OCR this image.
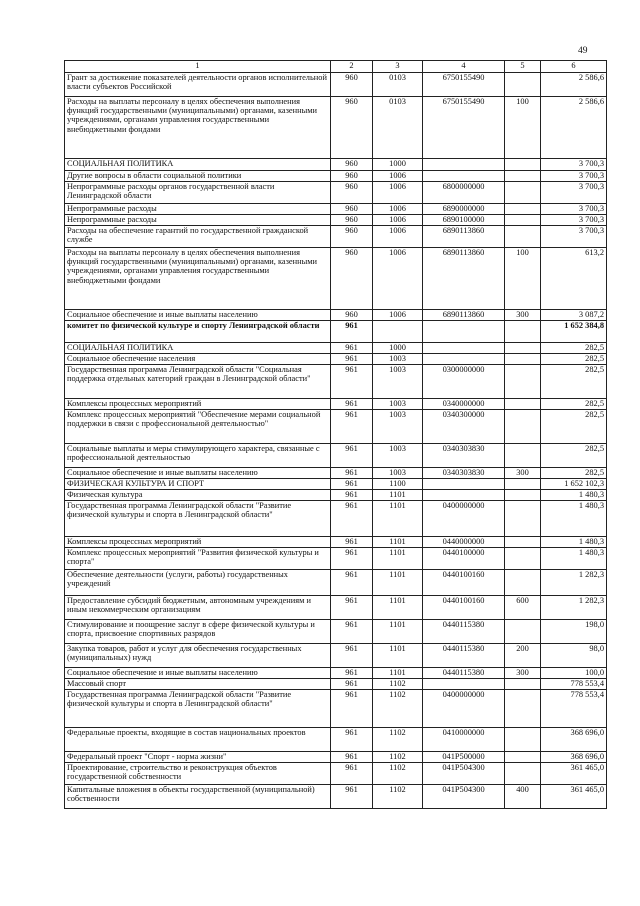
49
1	2	3	4	5	6
Грант за достижение показателей деятельности органов исполнительной власти субъектов Российской	960	0103	6750155490		2 586,6
Расходы на выплаты персоналу в целях обеспечения выполнения функций государственными (муниципальными) органами, казенными учреждениями, органами управления государственными внебюджетными фондами	960	0103	6750155490	100	2 586,6
СОЦИАЛЬНАЯ ПОЛИТИКА	960	1000			3 700,3
Другие вопросы в области социальной политики	960	1006			3 700,3
Непрограммные расходы органов государственной власти Ленинградской области	960	1006	6800000000		3 700,3
Непрограммные расходы	960	1006	6890000000		3 700,3
Непрограммные расходы	960	1006	6890100000		3 700,3
Расходы на обеспечение гарантий по государственной гражданской службе	960	1006	6890113860		3 700,3
Расходы на выплаты персоналу в целях обеспечения выполнения функций государственными (муниципальными) органами, казенными учреждениями, органами управления государственными внебюджетными фондами	960	1006	6890113860	100	613,2
Социальное обеспечение и иные выплаты населению	960	1006	6890113860	300	3 087,2
комитет по физической культуре и спорту Ленинградской области	961				1 652 384,8
СОЦИАЛЬНАЯ ПОЛИТИКА	961	1000			282,5
Социальное обеспечение населения	961	1003			282,5
Государственная программа Ленинградской области "Социальная поддержка отдельных категорий граждан в Ленинградской области"	961	1003	0300000000		282,5
Комплексы процессных мероприятий	961	1003	0340000000		282,5
Комплекс процессных мероприятий "Обеспечение мерами социальной поддержки в связи с профессиональной деятельностью"	961	1003	0340300000		282,5
Социальные выплаты и меры стимулирующего характера, связанные с профессиональной деятельностью	961	1003	0340303830		282,5
Социальное обеспечение и иные выплаты населению	961	1003	0340303830	300	282,5
ФИЗИЧЕСКАЯ КУЛЬТУРА И СПОРТ	961	1100			1 652 102,3
Физическая культура	961	1101			1 480,3
Государственная программа Ленинградской области "Развитие физической культуры и спорта в Ленинградской области"	961	1101	0400000000		1 480,3
Комплексы процессных мероприятий	961	1101	0440000000		1 480,3
Комплекс процессных мероприятий "Развития физической культуры и спорта"	961	1101	0440100000		1 480,3
Обеспечение деятельности (услуги, работы) государственных учреждений	961	1101	0440100160		1 282,3
Предоставление субсидий бюджетным, автономным учреждениям и иным некоммерческим организациям	961	1101	0440100160	600	1 282,3
Стимулирование и поощрение заслуг в сфере физической культуры и спорта, присвоение спортивных разрядов	961	1101	0440115380		198,0
Закупка товаров, работ и услуг для обеспечения государственных (муниципальных) нужд	961	1101	0440115380	200	98,0
Социальное обеспечение и иные выплаты населению	961	1101	0440115380	300	100,0
Массовый спорт	961	1102			778 553,4
Государственная программа Ленинградской области "Развитие физической культуры и спорта в Ленинградской области"	961	1102	0400000000		778 553,4
Федеральные проекты, входящие в состав национальных проектов	961	1102	0410000000		368 696,0
Федеральный проект "Спорт - норма жизни"	961	1102	041P500000		368 696,0
Проектирование, строительство и реконструкция объектов государственной собственности	961	1102	041P504300		361 465,0
Капитальные вложения в объекты государственной (муниципальной) собственности	961	1102	041P504300	400	361 465,0
